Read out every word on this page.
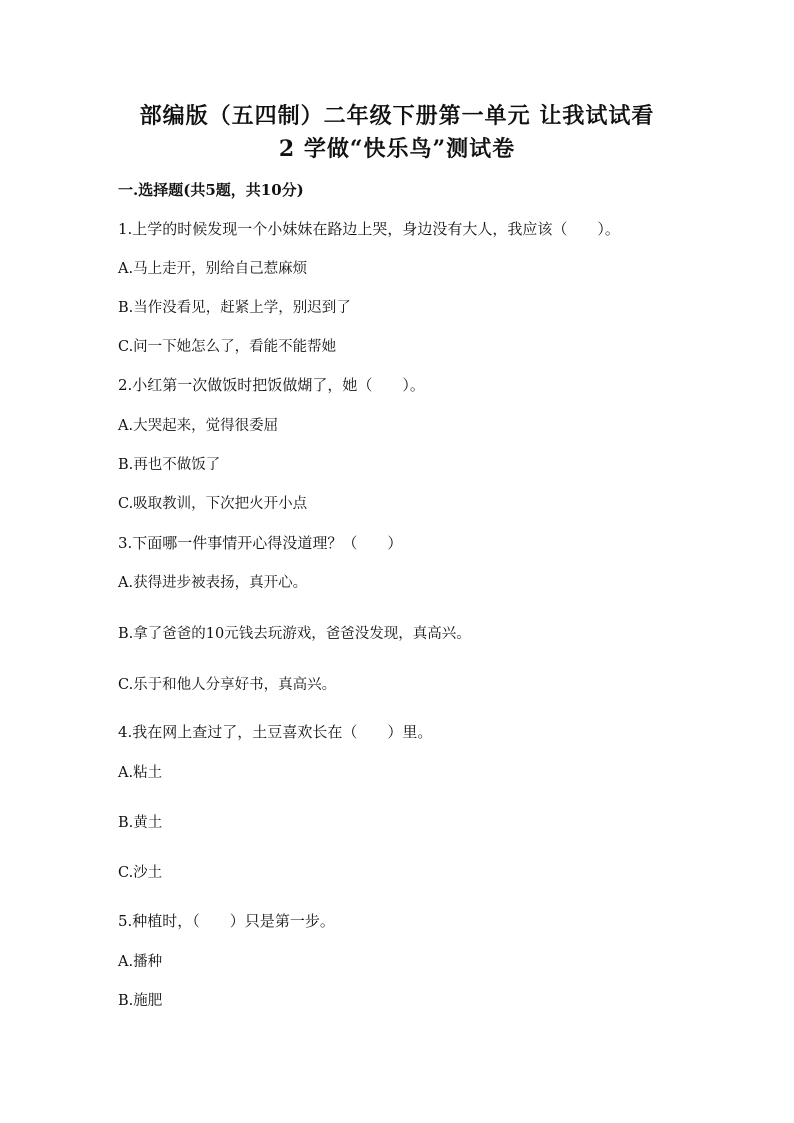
部编版（五四制）二年级下册第一单元 让我试试看
2 学做“快乐鸟”测试卷
一.选择题(共5题，共10分)
1.上学的时候发现一个小妹妹在路边上哭，身边没有大人，我应该（　　）。
A.马上走开，别给自己惹麻烦
B.当作没看见，赶紧上学，别迟到了
C.问一下她怎么了，看能不能帮她
2.小红第一次做饭时把饭做煳了，她（　　）。
A.大哭起来，觉得很委屈
B.再也不做饭了
C.吸取教训，下次把火开小点
3.下面哪一件事情开心得没道理？（　　）
A.获得进步被表扬，真开心。
B.拿了爸爸的10元钱去玩游戏，爸爸没发现，真高兴。
C.乐于和他人分享好书，真高兴。
4.我在网上查过了，土豆喜欢长在（　　）里。
A.粘土
B.黄土
C.沙土
5.种植时，（　　）只是第一步。
A.播种
B.施肥
